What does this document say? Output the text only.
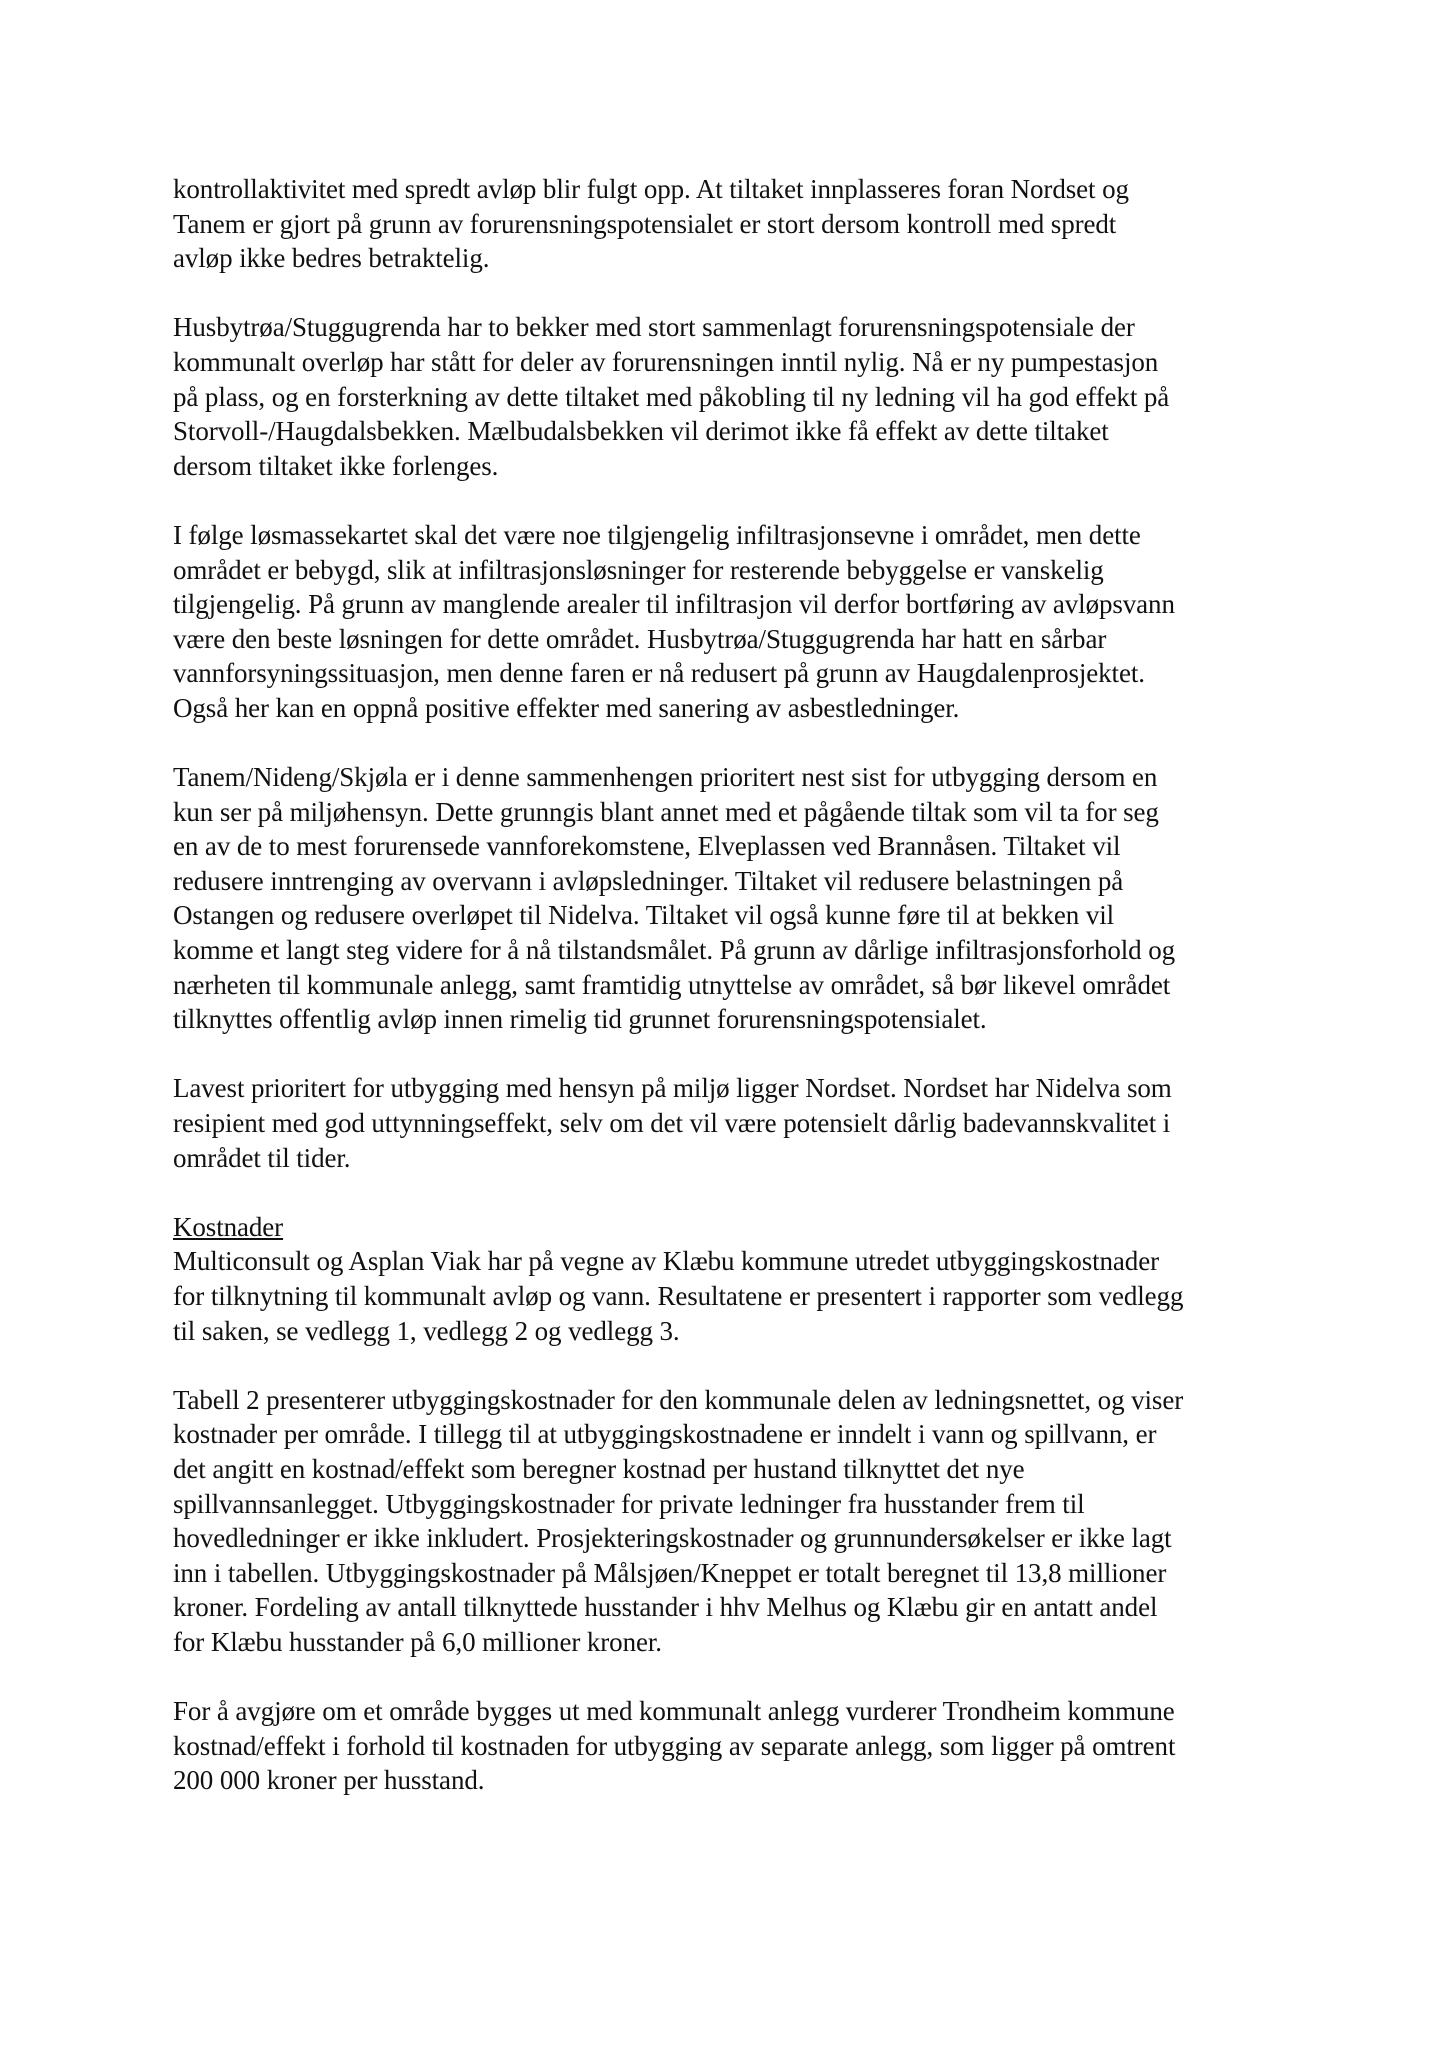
kontrollaktivitet med spredt avløp blir fulgt opp. At tiltaket innplasseres foran Nordset og
Tanem er gjort på grunn av forurensningspotensialet er stort dersom kontroll med spredt
avløp ikke bedres betraktelig.

Husbytrøa/Stuggugrenda har to bekker med stort sammenlagt forurensningspotensiale der
kommunalt overløp har stått for deler av forurensningen inntil nylig. Nå er ny pumpestasjon
på plass, og en forsterkning av dette tiltaket med påkobling til ny ledning vil ha god effekt på
Storvoll-/Haugdalsbekken. Mælbudalsbekken vil derimot ikke få effekt av dette tiltaket
dersom tiltaket ikke forlenges.

I følge løsmassekartet skal det være noe tilgjengelig infiltrasjonsevne i området, men dette
området er bebygd, slik at infiltrasjonsløsninger for resterende bebyggelse er vanskelig
tilgjengelig. På grunn av manglende arealer til infiltrasjon vil derfor bortføring av avløpsvann
være den beste løsningen for dette området. Husbytrøa/Stuggugrenda har hatt en sårbar
vannforsyningssituasjon, men denne faren er nå redusert på grunn av Haugdalenprosjektet.
Også her kan en oppnå positive effekter med sanering av asbestledninger.

Tanem/Nideng/Skjøla er i denne sammenhengen prioritert nest sist for utbygging dersom en
kun ser på miljøhensyn. Dette grunngis blant annet med et pågående tiltak som vil ta for seg
en av de to mest forurensede vannforekomstene, Elveplassen ved Brannåsen. Tiltaket vil
redusere inntrenging av overvann i avløpsledninger. Tiltaket vil redusere belastningen på
Ostangen og redusere overløpet til Nidelva. Tiltaket vil også kunne føre til at bekken vil
komme et langt steg videre for å nå tilstandsmålet. På grunn av dårlige infiltrasjonsforhold og
nærheten til kommunale anlegg, samt framtidig utnyttelse av området, så bør likevel området
tilknyttes offentlig avløp innen rimelig tid grunnet forurensningspotensialet.

Lavest prioritert for utbygging med hensyn på miljø ligger Nordset. Nordset har Nidelva som
resipient med god uttynningseffekt, selv om det vil være potensielt dårlig badevannskvalitet i
området til tider.

Kostnader
Multiconsult og Asplan Viak har på vegne av Klæbu kommune utredet utbyggingskostnader
for tilknytning til kommunalt avløp og vann. Resultatene er presentert i rapporter som vedlegg
til saken, se vedlegg 1, vedlegg 2 og vedlegg 3.

Tabell 2 presenterer utbyggingskostnader for den kommunale delen av ledningsnettet, og viser
kostnader per område. I tillegg til at utbyggingskostnadene er inndelt i vann og spillvann, er
det angitt en kostnad/effekt som beregner kostnad per hustand tilknyttet det nye
spillvannsanlegget. Utbyggingskostnader for private ledninger fra husstander frem til
hovedledninger er ikke inkludert. Prosjekteringskostnader og grunnundersøkelser er ikke lagt
inn i tabellen. Utbyggingskostnader på Målsjøen/Kneppet er totalt beregnet til 13,8 millioner
kroner. Fordeling av antall tilknyttede husstander i hhv Melhus og Klæbu gir en antatt andel
for Klæbu husstander på 6,0 millioner kroner.

For å avgjøre om et område bygges ut med kommunalt anlegg vurderer Trondheim kommune
kostnad/effekt i forhold til kostnaden for utbygging av separate anlegg, som ligger på omtrent
200 000 kroner per husstand.
